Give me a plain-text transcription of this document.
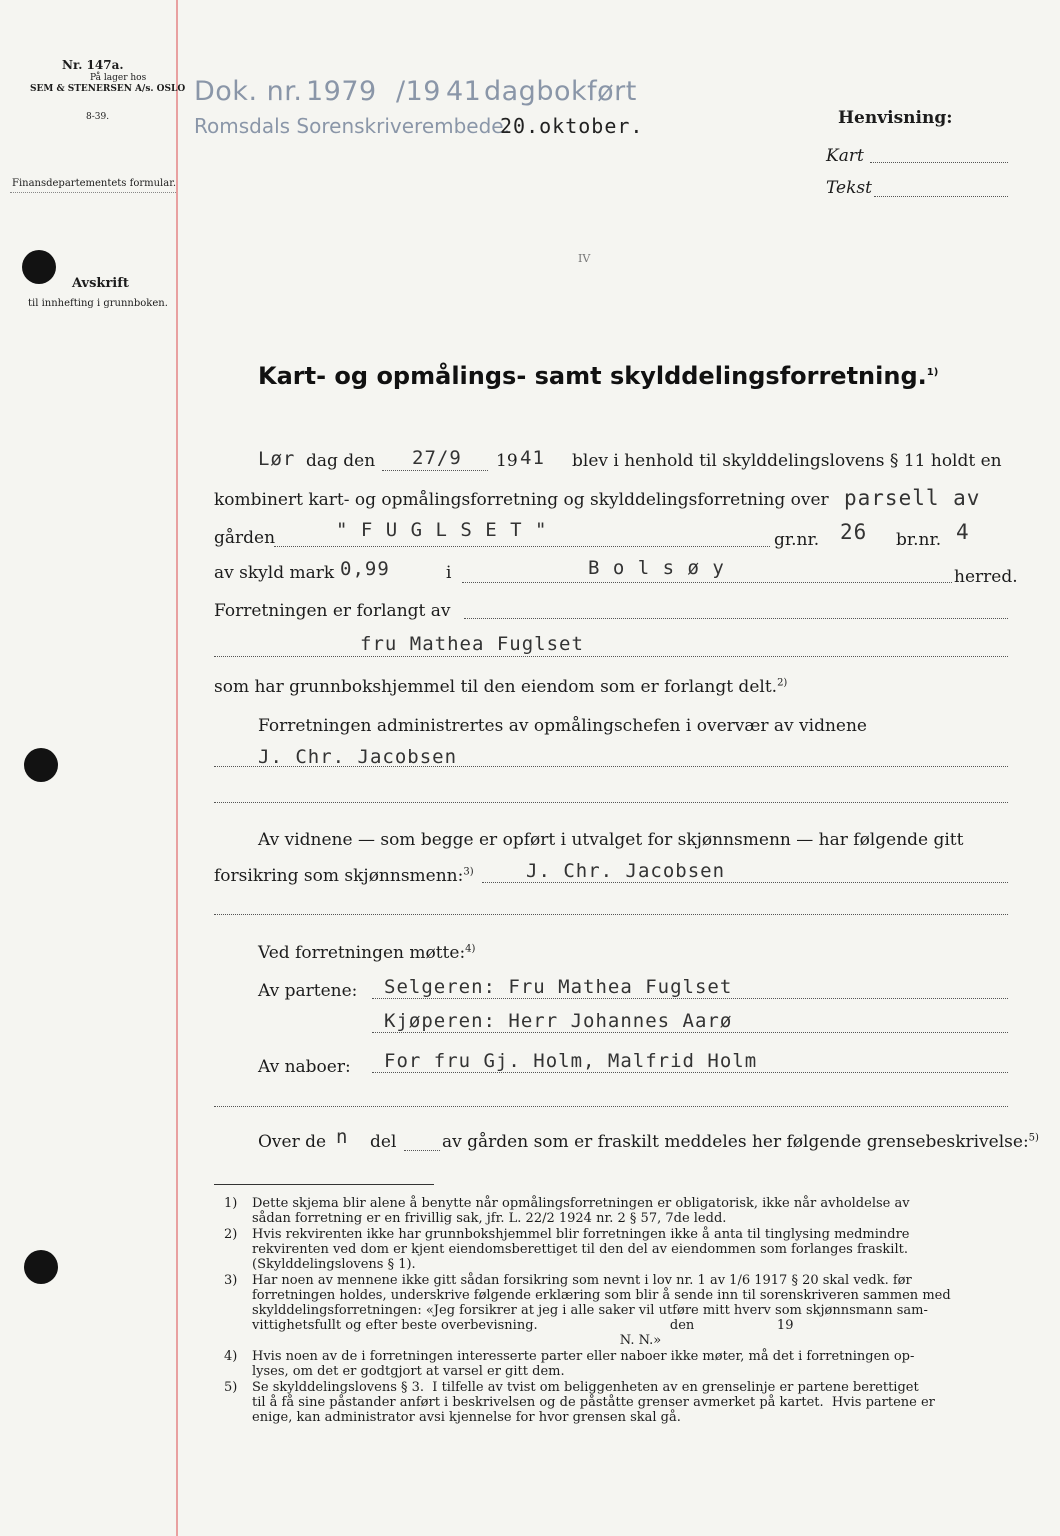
Nr. 147a.
På lager hos
SEM & STENERSEN A/s. OSLO
8-39.
Finansdepartementets formular.
Avskrift
til innhefting i grunnboken.
Dok. nr. 1979 /19 41 dagbokført
Romsdals Sorenskriverembede.
20.oktober.	Henvisning:
Kart
Tekst
IV
Kart- og opmålings- samt skylddelingsforretning.$^{1)}$
Lør dag den 27/9 19 41 blev i henhold til skylddelingslovens § 11 holdt en
kombinert kart- og opmålingsforretning og skylddelingsforretning over parsell av
gården	" F U G L S E T "	gr.nr. 26 br.nr. 4
av skyld mark 0,99	i	B o l s ø y	herred.
Forretningen er forlangt av
fru Mathea Fuglset
som har grunnbokshjemmel til den eiendom som er forlangt delt.$^{2)}$
Forretningen administrertes av opmålingschefen i overvær av vidnene
J. Chr. Jacobsen
Av vidnene — som begge er opført i utvalget for skjønnsmenn — har følgende gitt
forsikring som skjønnsmenn:$^{3)}$	J. Chr. Jacobsen
Ved forretningen møtte:$^{4)}$
Av partene: Selgeren: Fru Mathea Fuglset
Kjøperen: Herr Johannes Aarø
Av naboer: For fru Gj. Holm, Malfrid Holm
Over de n del	av gården som er fraskilt meddeles her følgende grensebeskrivelse:$^{5)}$
1) Dette skjema blir alene å benytte når opmålingsforretningen er obligatorisk, ikke når avholdelse av
sådan forretning er en frivillig sak, jfr. L. 22/2 1924 nr. 2 § 57, 7de ledd.
2) Hvis rekvirenten ikke har grunnbokshjemmel blir forretningen ikke å anta til tinglysing medmindre
rekvirenten ved dom er kjent eiendomsberettiget til den del av eiendommen som forlanges fraskilt.
(Skylddelingslovens § 1).
3) Har noen av mennene ikke gitt sådan forsikring som nevnt i lov nr. 1 av 1/6 1917 § 20 skal vedk. før
forretningen holdes, underskrive følgende erklæring som blir å sende inn til sorenskriveren sammen med
skylddelingsforretningen: «Jeg forsikrer at jeg i alle saker vil utføre mitt hverv som skjønnsmann sam-
vittighetsfullt og efter beste overbevisning.                                den                    19
N. N.»
4) Hvis noen av de i forretningen interesserte parter eller naboer ikke møter, må det i forretningen op-
lyses, om det er godtgjort at varsel er gitt dem.
5) Se skylddelingslovens § 3.  I tilfelle av tvist om beliggenheten av en grenselinje er partene berettiget
til å få sine påstander anført i beskrivelsen og de påståtte grenser avmerket på kartet.  Hvis partene er
enige, kan administrator avsi kjennelse for hvor grensen skal gå.
